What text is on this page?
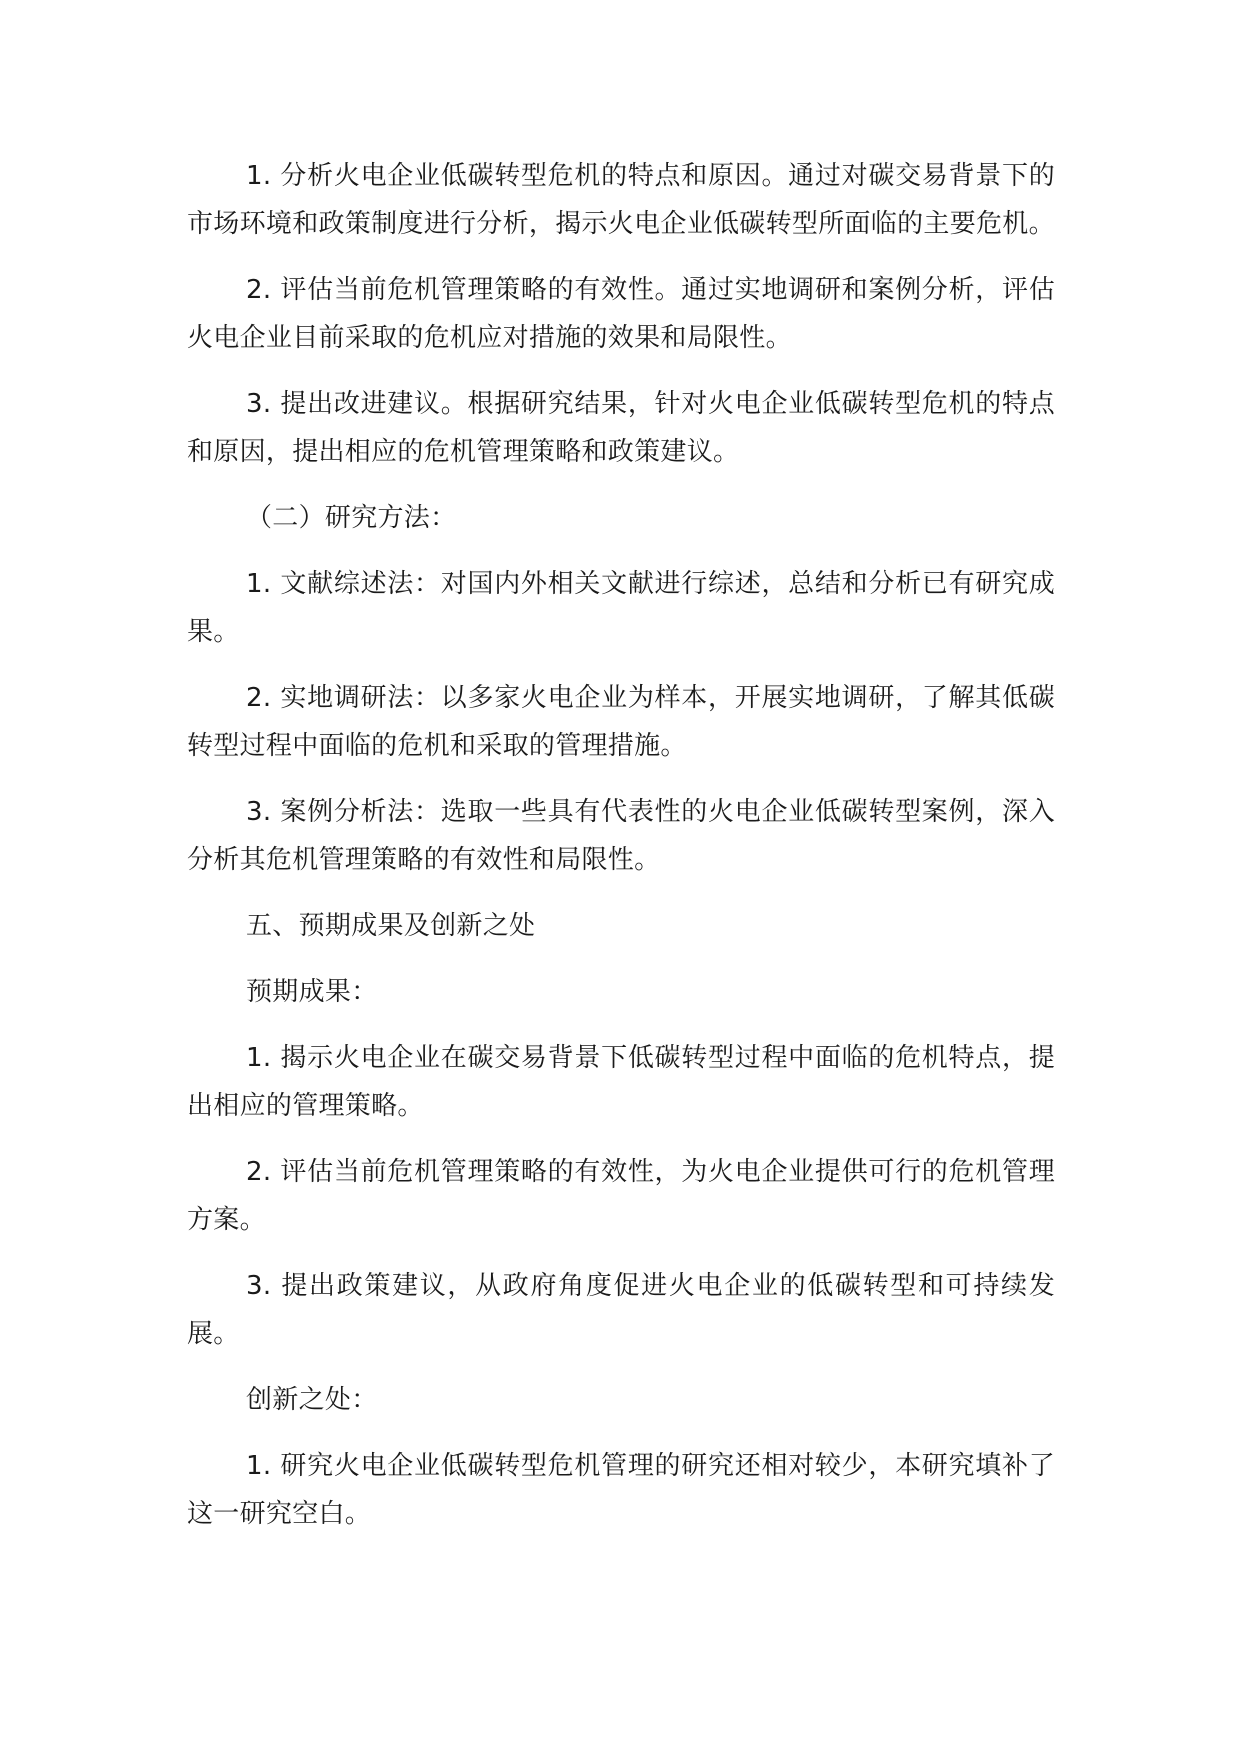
1. 分析火电企业低碳转型危机的特点和原因。通过对碳交易背景下的市场环境和政策制度进行分析，揭示火电企业低碳转型所面临的主要危机。

2. 评估当前危机管理策略的有效性。通过实地调研和案例分析，评估火电企业目前采取的危机应对措施的效果和局限性。

3. 提出改进建议。根据研究结果，针对火电企业低碳转型危机的特点和原因，提出相应的危机管理策略和政策建议。

（二）研究方法：

1. 文献综述法：对国内外相关文献进行综述，总结和分析已有研究成果。

2. 实地调研法：以多家火电企业为样本，开展实地调研，了解其低碳转型过程中面临的危机和采取的管理措施。

3. 案例分析法：选取一些具有代表性的火电企业低碳转型案例，深入分析其危机管理策略的有效性和局限性。

五、预期成果及创新之处

预期成果：

1. 揭示火电企业在碳交易背景下低碳转型过程中面临的危机特点，提出相应的管理策略。

2. 评估当前危机管理策略的有效性，为火电企业提供可行的危机管理方案。

3. 提出政策建议，从政府角度促进火电企业的低碳转型和可持续发展。

创新之处：

1. 研究火电企业低碳转型危机管理的研究还相对较少，本研究填补了这一研究空白。
